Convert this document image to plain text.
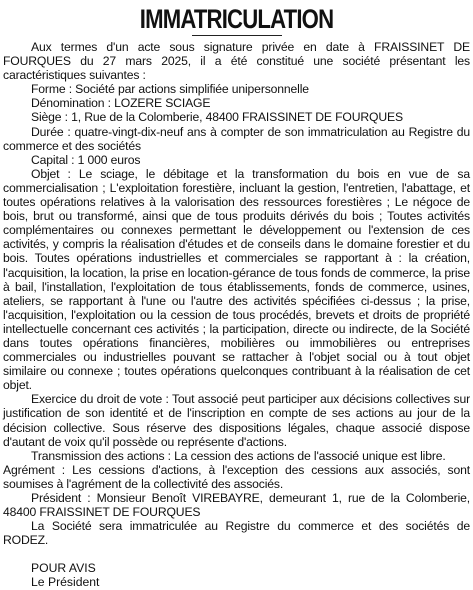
IMMATRICULATION

Aux termes d'un acte sous signature privée en date à FRAISSINET DE FOURQUES du 27 mars 2025, il a été constitué une société présentant les caractéristiques suivantes :

Forme : Société par actions simplifiée unipersonnelle

Dénomination : LOZERE SCIAGE

Siège : 1, Rue de la Colomberie, 48400 FRAISSINET DE FOURQUES

Durée : quatre-vingt-dix-neuf ans à compter de son immatriculation au Registre du commerce et des sociétés

Capital : 1 000 euros

Objet : Le sciage, le débitage et la transformation du bois en vue de sa commercialisation ; L'exploitation forestière, incluant la gestion, l'entretien, l'abattage, et toutes opérations relatives à la valorisation des ressources forestières ; Le négoce de bois, brut ou transformé, ainsi que de tous produits dérivés du bois ; Toutes activités complémentaires ou connexes permettant le développement ou l'extension de ces activités, y compris la réalisation d'études et de conseils dans le domaine forestier et du bois. Toutes opérations industrielles et commerciales se rapportant à : la création, l'acquisition, la location, la prise en location-gérance de tous fonds de commerce, la prise à bail, l'installation, l'exploitation de tous établissements, fonds de commerce, usines, ateliers, se rapportant à l'une ou l'autre des activités spécifiées ci-dessus ; la prise, l'acquisition, l'exploitation ou la cession de tous procédés, brevets et droits de propriété intellectuelle concernant ces activités ; la participation, directe ou indirecte, de la Société dans toutes opérations financières, mobilières ou immobilières ou entreprises commerciales ou industrielles pouvant se rattacher à l'objet social ou à tout objet similaire ou connexe ; toutes opérations quelconques contribuant à la réalisation de cet objet.

Exercice du droit de vote : Tout associé peut participer aux décisions collectives sur justification de son identité et de l'inscription en compte de ses actions au jour de la décision collective. Sous réserve des dispositions légales, chaque associé dispose d'autant de voix qu'il possède ou représente d'actions.

Transmission des actions : La cession des actions de l'associé unique est libre.

Agrément : Les cessions d'actions, à l'exception des cessions aux associés, sont soumises à l'agrément de la collectivité des associés.

Président : Monsieur Benoît VIREBAYRE, demeurant 1, rue de la Colomberie, 48400 FRAISSINET DE FOURQUES

La Société sera immatriculée au Registre du commerce et des sociétés de RODEZ.

POUR AVIS
Le Président
